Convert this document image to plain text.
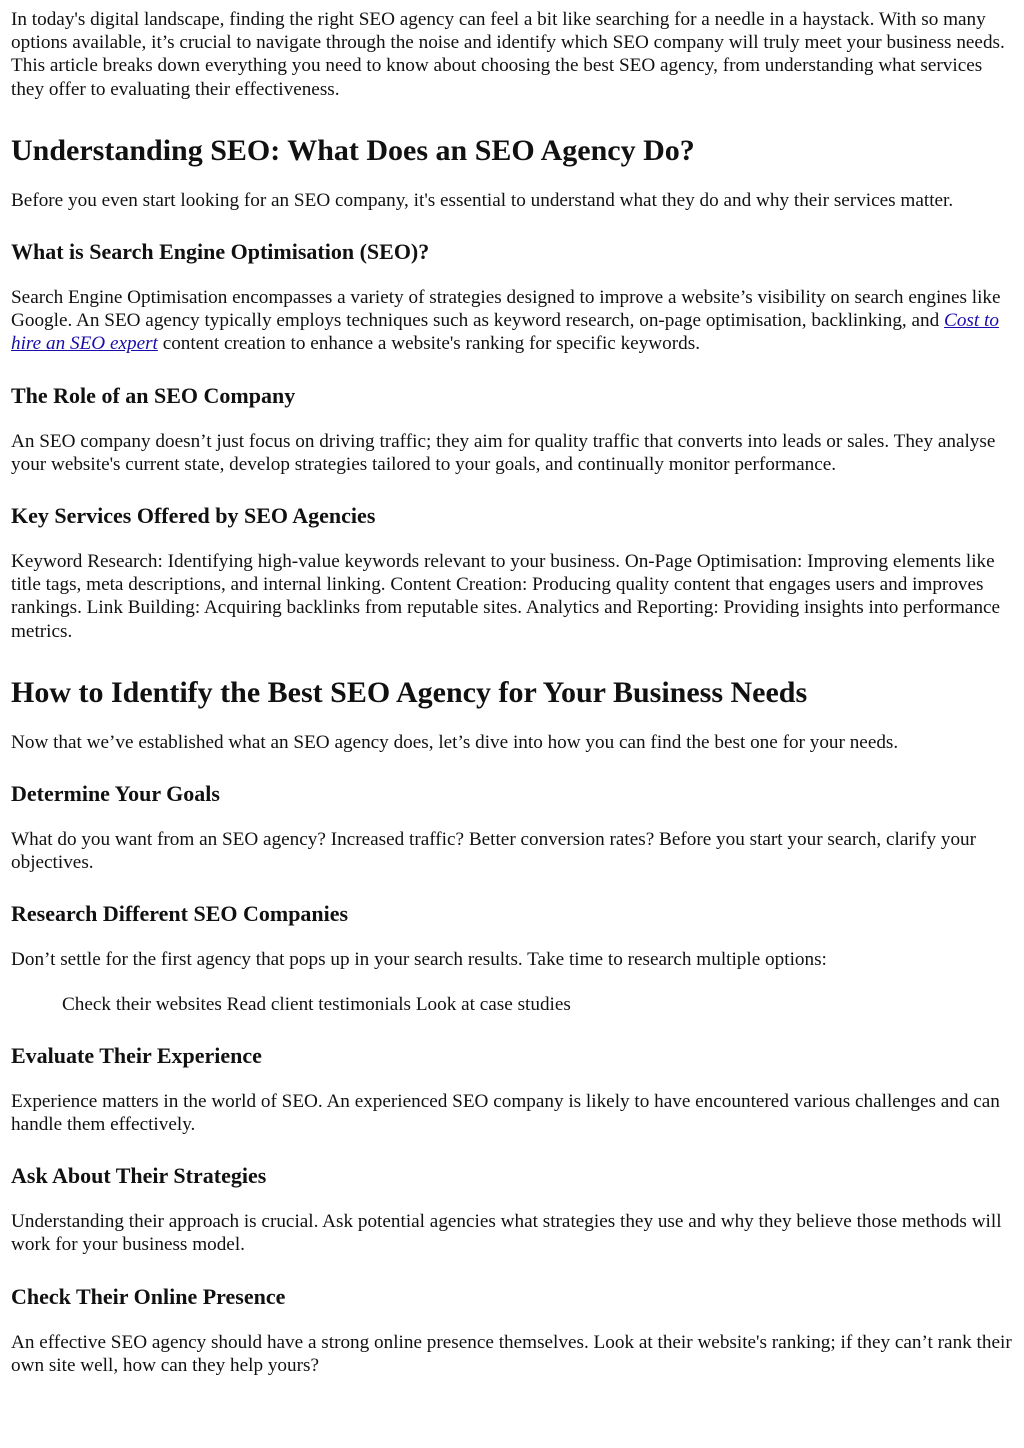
In today's digital landscape, finding the right SEO agency can feel a bit like searching for a needle in a haystack. With so many options available, it’s crucial to navigate through the noise and identify which SEO company will truly meet your business needs. This article breaks down everything you need to know about choosing the best SEO agency, from understanding what services they offer to evaluating their effectiveness.

Understanding SEO: What Does an SEO Agency Do?

Before you even start looking for an SEO company, it's essential to understand what they do and why their services matter.

What is Search Engine Optimisation (SEO)?

Search Engine Optimisation encompasses a variety of strategies designed to improve a website’s visibility on search engines like Google. An SEO agency typically employs techniques such as keyword research, on-page optimisation, backlinking, and Cost to hire an SEO expert content creation to enhance a website's ranking for specific keywords.

The Role of an SEO Company

An SEO company doesn’t just focus on driving traffic; they aim for quality traffic that converts into leads or sales. They analyse your website's current state, develop strategies tailored to your goals, and continually monitor performance.

Key Services Offered by SEO Agencies

Keyword Research: Identifying high-value keywords relevant to your business. On-Page Optimisation: Improving elements like title tags, meta descriptions, and internal linking. Content Creation: Producing quality content that engages users and improves rankings. Link Building: Acquiring backlinks from reputable sites. Analytics and Reporting: Providing insights into performance metrics.

How to Identify the Best SEO Agency for Your Business Needs

Now that we’ve established what an SEO agency does, let’s dive into how you can find the best one for your needs.

Determine Your Goals

What do you want from an SEO agency? Increased traffic? Better conversion rates? Before you start your search, clarify your objectives.

Research Different SEO Companies

Don’t settle for the first agency that pops up in your search results. Take time to research multiple options:

Check their websites Read client testimonials Look at case studies

Evaluate Their Experience

Experience matters in the world of SEO. An experienced SEO company is likely to have encountered various challenges and can handle them effectively.

Ask About Their Strategies

Understanding their approach is crucial. Ask potential agencies what strategies they use and why they believe those methods will work for your business model.

Check Their Online Presence

An effective SEO agency should have a strong online presence themselves. Look at their website's ranking; if they can’t rank their own site well, how can they help yours?
